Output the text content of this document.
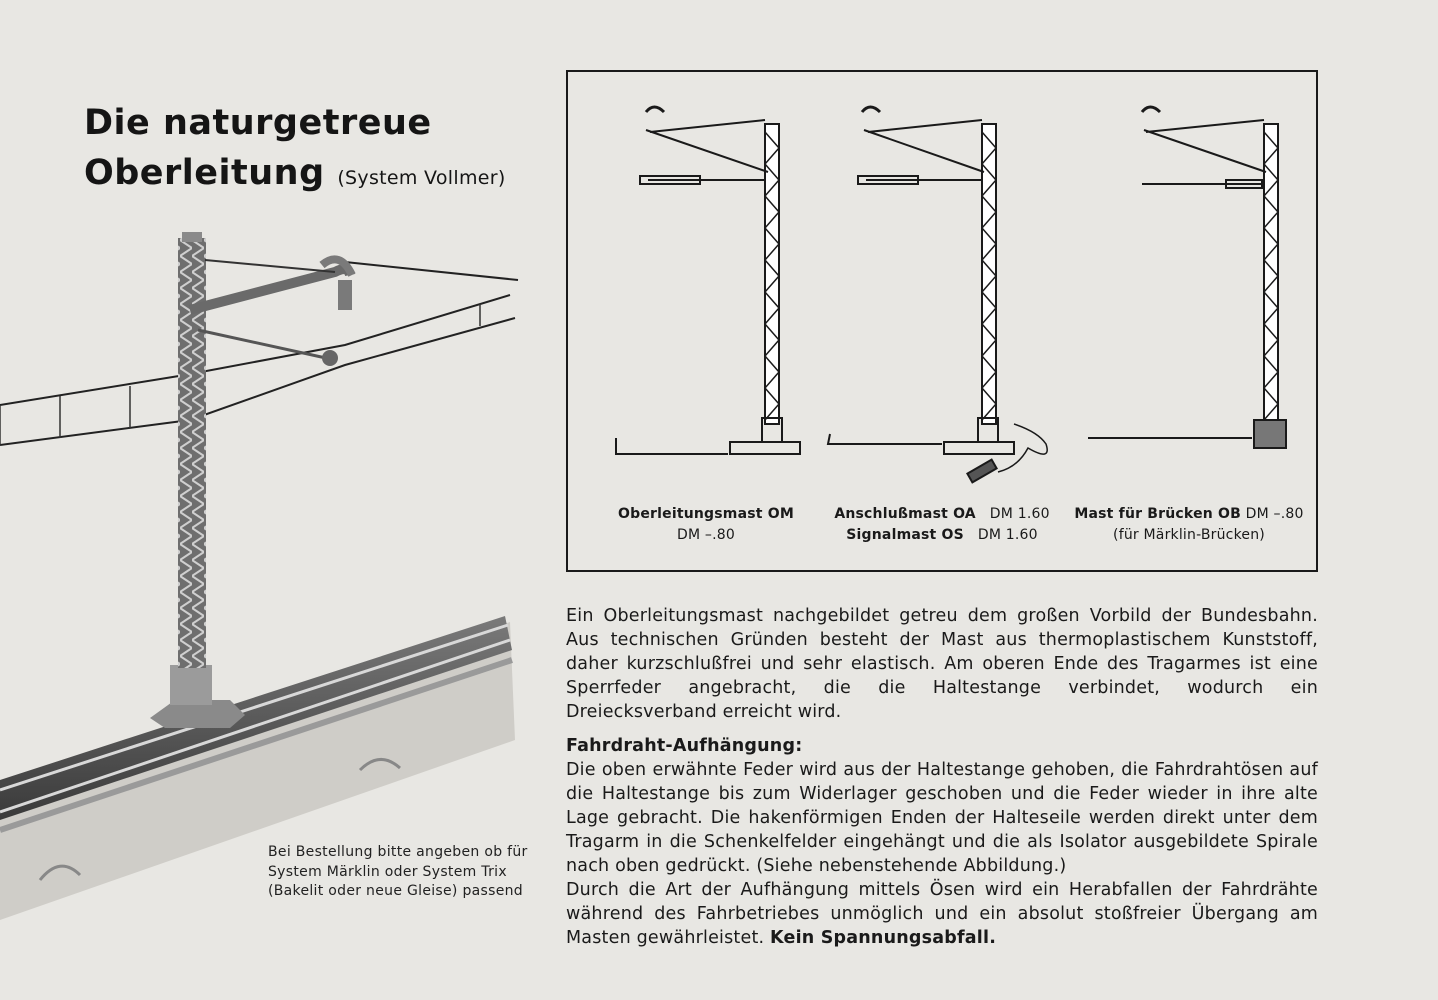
Die naturgetreue
Oberleitung (System Vollmer)
Bei Bestellung bitte angeben ob für System Märklin oder System Trix (Bakelit oder neue Gleise) passend
Oberleitungsmast OM
DM –.80
Anschlußmast OA DM 1.60
Signalmast OS DM 1.60
Mast für Brücken OB DM –.80
(für Märklin-Brücken)

Ein Oberleitungsmast nachgebildet getreu dem großen Vorbild der Bundesbahn. Aus technischen Gründen besteht der Mast aus thermoplastischem Kunststoff, daher kurzschlußfrei und sehr elastisch. Am oberen Ende des Tragarmes ist eine Sperrfeder angebracht, die die Haltestange verbindet, wodurch ein Dreiecksverband erreicht wird.

Fahrdraht-Aufhängung:

Die oben erwähnte Feder wird aus der Haltestange gehoben, die Fahrdrahtösen auf die Haltestange bis zum Widerlager geschoben und die Feder wieder in ihre alte Lage gebracht. Die hakenförmigen Enden der Halteseile werden direkt unter dem Tragarm in die Schenkelfelder eingehängt und die als Isolator ausgebildete Spirale nach oben gedrückt. (Siehe nebenstehende Abbildung.)

Durch die Art der Aufhängung mittels Ösen wird ein Herabfallen der Fahrdrähte während des Fahrbetriebes unmöglich und ein absolut stoßfreier Übergang am Masten gewährleistet. Kein Spannungsabfall.
